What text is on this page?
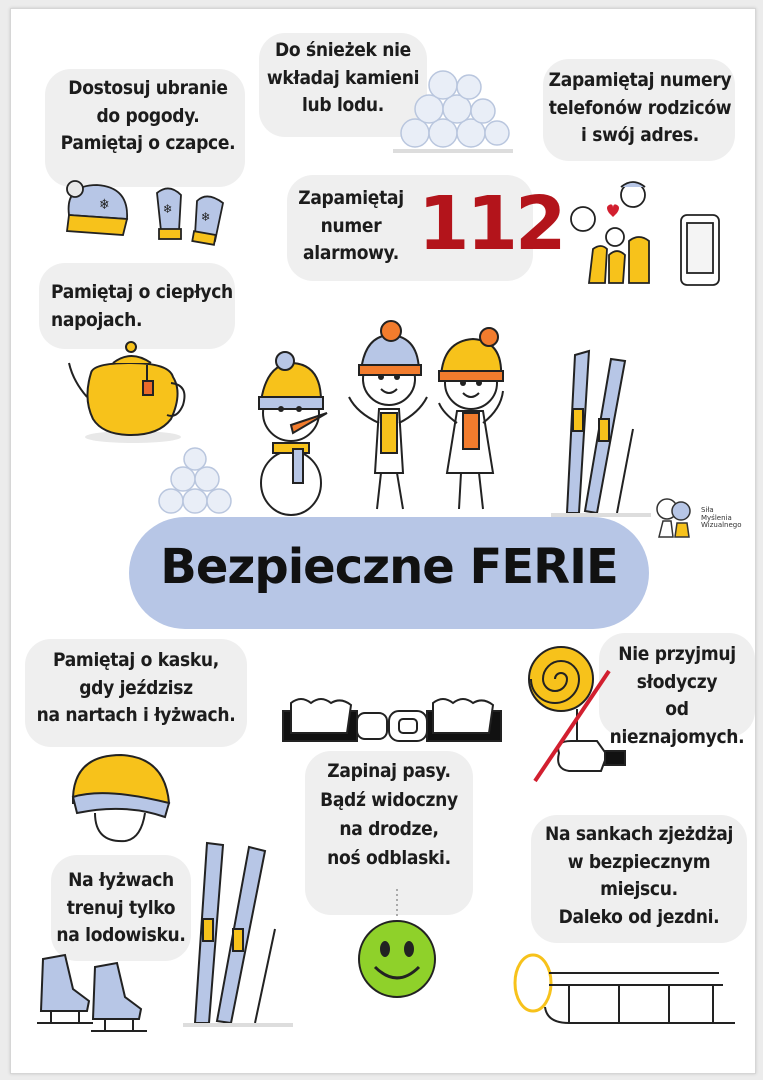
Dostosuj ubranie
do pogody.
Pamiętaj o czapce.
Do śnieżek nie
wkładaj kamieni
lub lodu.
Zapamiętaj numery
telefonów rodziców
i swój adres.
Zapamiętaj
numer
alarmowy. 112
Pamiętaj o ciepłych
napojach.
Pamiętaj o kasku,
gdy jeździsz
na nartach i łyżwach.
Nie przyjmuj
słodyczy
od nieznajomych.
Zapinaj pasy.
Bądź widoczny
na drodze,
noś odblaski.
Na łyżwach
trenuj tylko
na lodowisku.
Na sankach zjeżdżaj
w bezpiecznym
miejscu.
Daleko od jezdni.
Bezpieczne FERIE
❄	❄
❄
Siła
Myślenia
Wizualnego
